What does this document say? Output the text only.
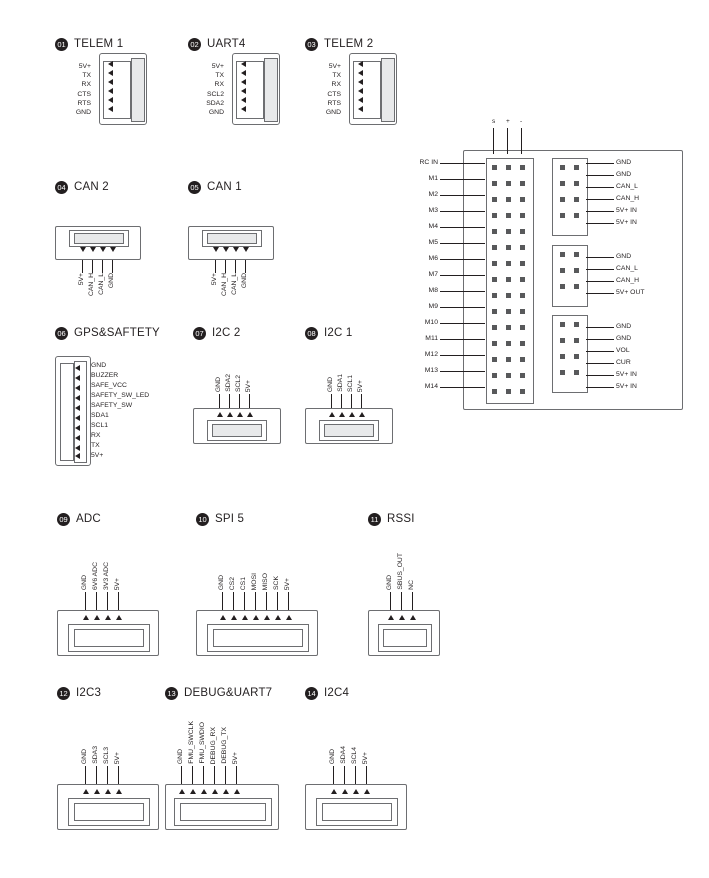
01 TELEM 1
5V+
TX
RX
CTS
RTS
GND
02 UART4
5V+
TX
RX
SCL2
SDA2
GND
03 TELEM 2
5V+
TX
RX
CTS
RTS
GND
04 CAN 2
5V+ CAN_H CAN_L GND
05 CAN 1
5V+ CAN_H CAN_L GND
06 GPS&SAFTETY
GND
BUZZER
SAFE_VCC
SAFETY_SW_LED
SAFETY_SW
SDA1
SCL1
RX
TX
5V+
07 I2C 2
GND SDA2 SCL2 5V+
08 I2C 1
GND SDA1 SCL1 5V+
09 ADC
GND 6V6 ADC 3V3 ADC 5V+
10 SPI 5
GND CS2 CS1 MOSI MISO SCK 5V+
11 RSSI
GND SBUS_OUT NC
12 I2C3
GND SDA3 SCL3 5V+
13 DEBUG&UART7
GND FMU_SWCLK FMU_SWDIO DEBUG_RX DEBUG_TX 5V+
14 I2C4
GND SDA4 SCL4 5V+
s + -
RC IN
M1
M2
M3
M4
M5
M6
M7
M8
M9
M10
M11
M12
M13
M14
GND
GND
CAN_L
CAN_H
5V+ IN
5V+ IN
GND
CAN_L
CAN_H
5V+ OUT
GND
GND
VOL
CUR
5V+ IN
5V+ IN
